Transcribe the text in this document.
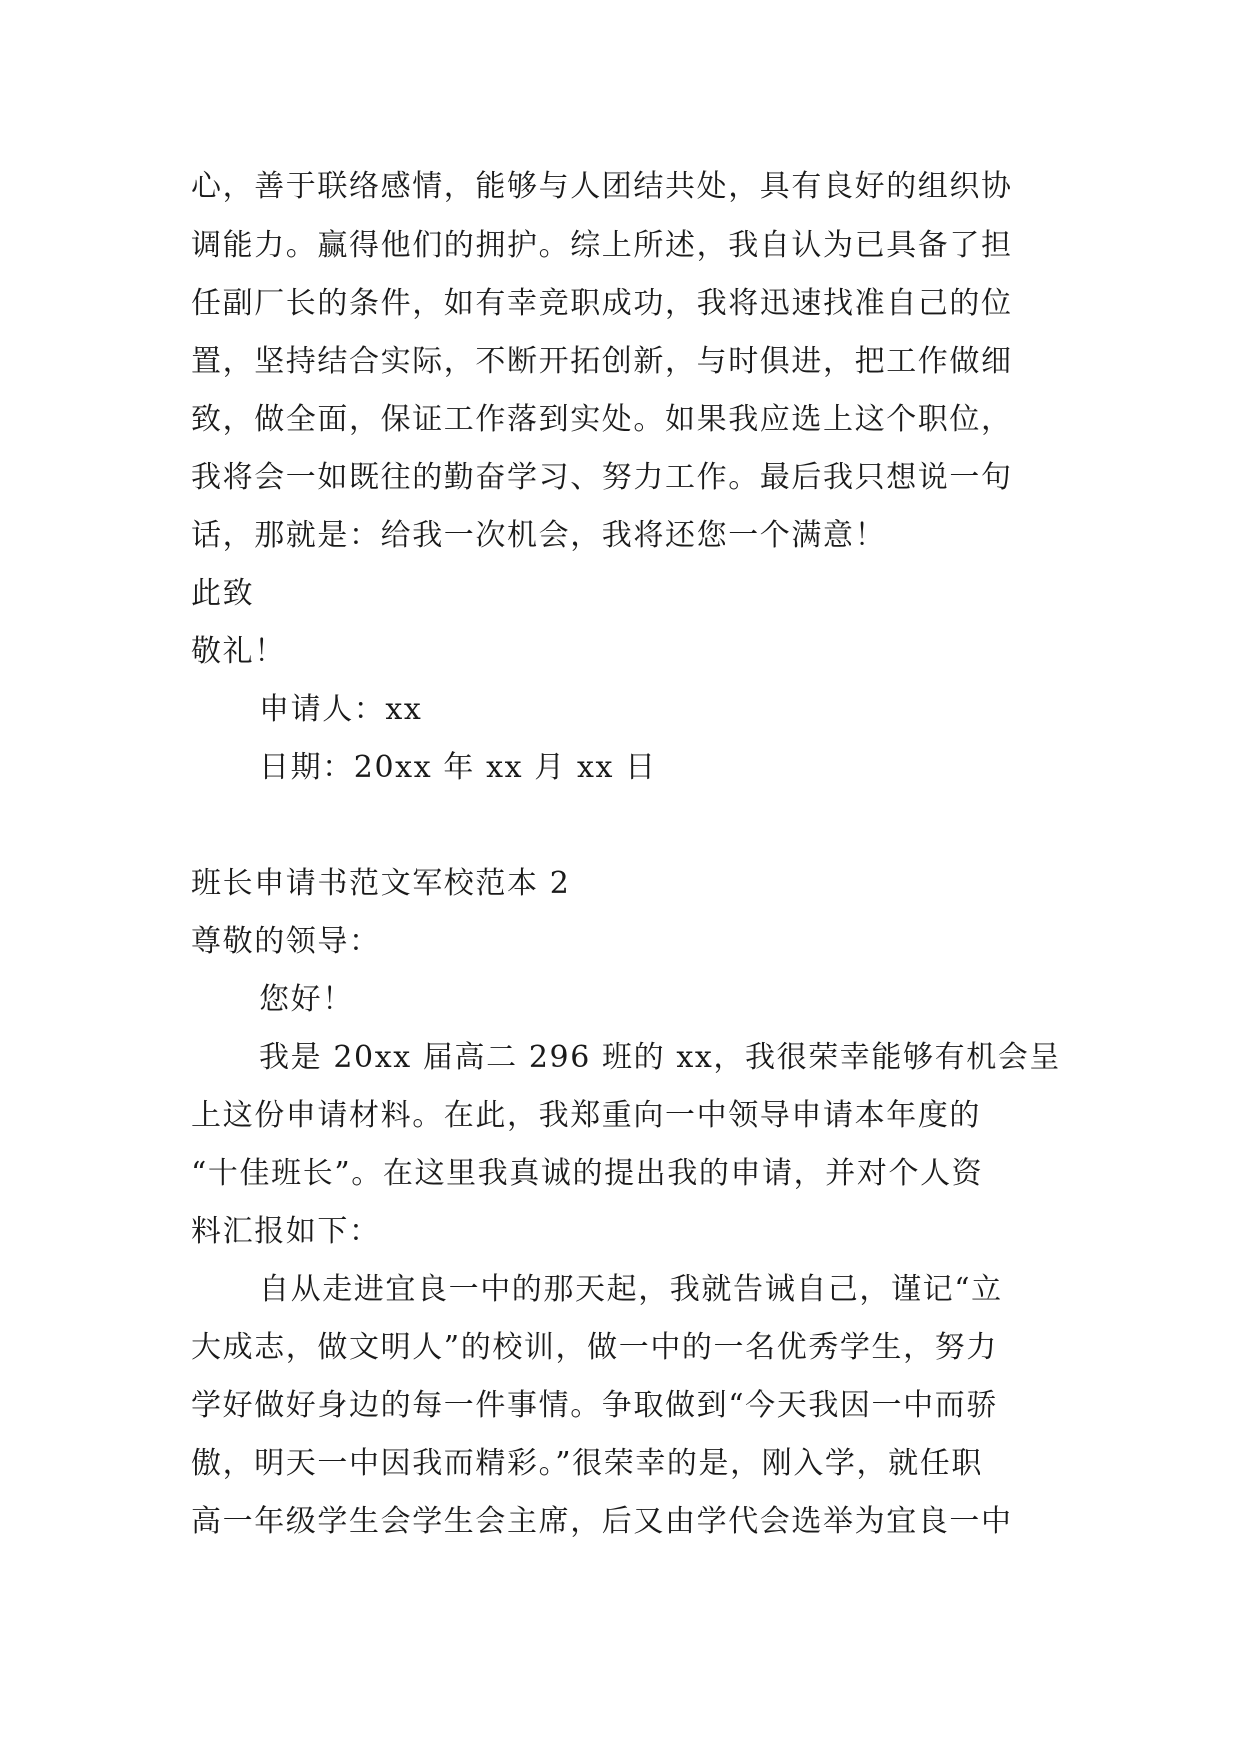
心，善于联络感情，能够与人团结共处，具有良好的组织协
调能力。赢得他们的拥护。综上所述，我自认为已具备了担
任副厂长的条件，如有幸竞职成功，我将迅速找准自己的位
置，坚持结合实际，不断开拓创新，与时俱进，把工作做细
致，做全面，保证工作落到实处。如果我应选上这个职位，
我将会一如既往的勤奋学习、努力工作。最后我只想说一句
话，那就是：给我一次机会，我将还您一个满意！
此致
敬礼！
申请人：xx
日期：20xx 年 xx 月 xx 日
班长申请书范文军校范本 2
尊敬的领导：
您好！
我是 20xx 届高二 296 班的 xx，我很荣幸能够有机会呈
上这份申请材料。在此，我郑重向一中领导申请本年度的
“十佳班长”。在这里我真诚的提出我的申请，并对个人资
料汇报如下：
自从走进宜良一中的那天起，我就告诫自己，谨记“立
大成志，做文明人”的校训，做一中的一名优秀学生，努力
学好做好身边的每一件事情。争取做到“今天我因一中而骄
傲，明天一中因我而精彩。”很荣幸的是，刚入学，就任职
高一年级学生会学生会主席，后又由学代会选举为宜良一中
